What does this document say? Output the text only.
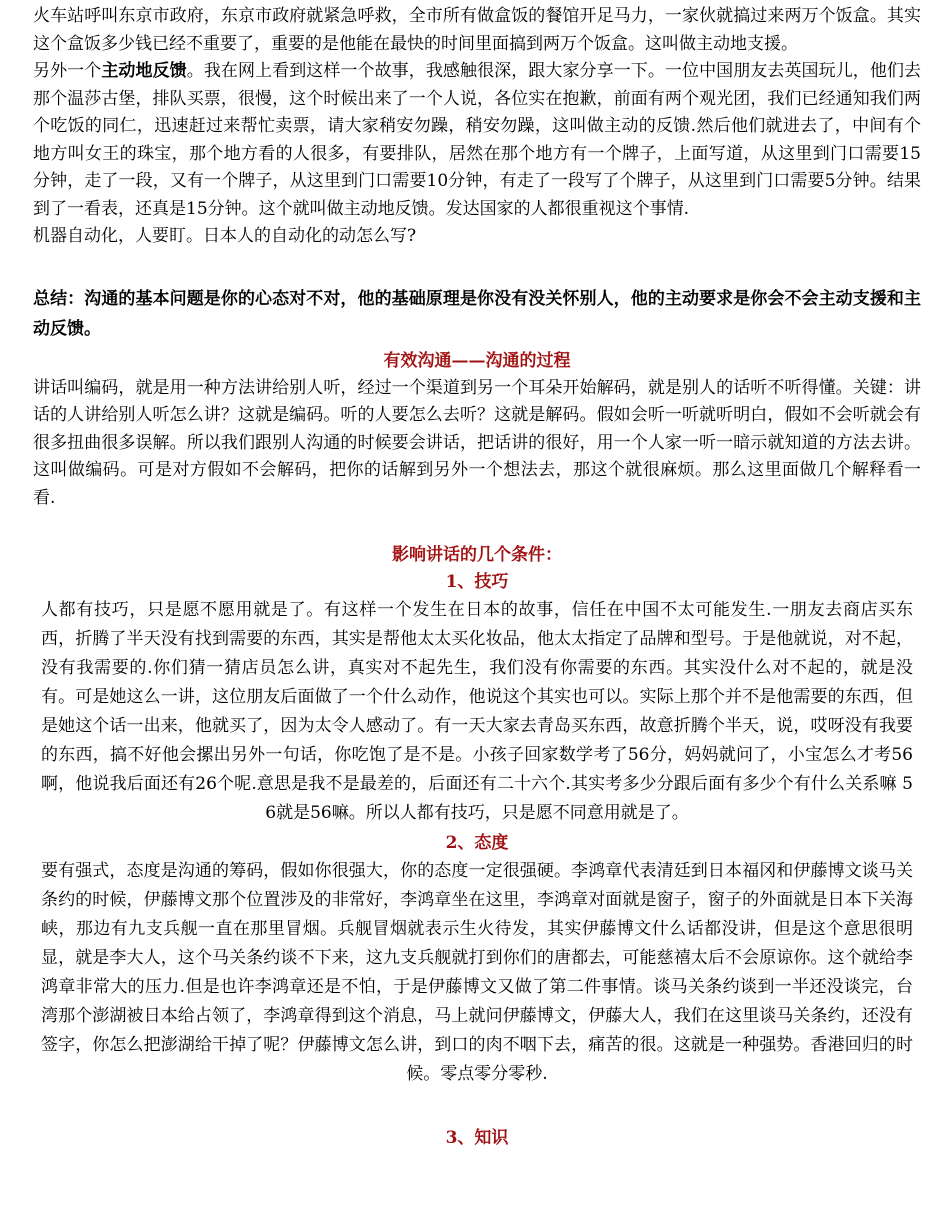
火车站呼叫东京市政府，东京市政府就紧急呼救，全市所有做盒饭的餐馆开足马力，一家伙就搞过来两万个饭盒。其实这个盒饭多少钱已经不重要了，重要的是他能在最快的时间里面搞到两万个饭盒。这叫做主动地支援。

另外一个主动地反馈。我在网上看到这样一个故事，我感触很深，跟大家分享一下。一位中国朋友去英国玩儿，他们去那个温莎古堡，排队买票，很慢，这个时候出来了一个人说，各位实在抱歉，前面有两个观光团，我们已经通知我们两个吃饭的同仁，迅速赶过来帮忙卖票，请大家稍安勿躁，稍安勿躁，这叫做主动的反馈.然后他们就进去了，中间有个地方叫女王的珠宝，那个地方看的人很多，有要排队，居然在那个地方有一个牌子，上面写道，从这里到门口需要15分钟，走了一段，又有一个牌子，从这里到门口需要10分钟，有走了一段写了个牌子，从这里到门口需要5分钟。结果到了一看表，还真是15分钟。这个就叫做主动地反馈。发达国家的人都很重视这个事情.

机器自动化，人要盯。日本人的自动化的动怎么写?

总结：沟通的基本问题是你的心态对不对，他的基础原理是你没有没关怀别人，他的主动要求是你会不会主动支援和主动反馈。

有效沟通——沟通的过程

讲话叫编码，就是用一种方法讲给别人听，经过一个渠道到另一个耳朵开始解码，就是别人的话听不听得懂。关键：讲话的人讲给别人听怎么讲？这就是编码。听的人要怎么去听？这就是解码。假如会听一听就听明白，假如不会听就会有很多扭曲很多误解。所以我们跟别人沟通的时候要会讲话，把话讲的很好，用一个人家一听一暗示就知道的方法去讲。这叫做编码。可是对方假如不会解码，把你的话解到另外一个想法去，那这个就很麻烦。那么这里面做几个解释看一看.

影响讲话的几个条件：

1、技巧

人都有技巧，只是愿不愿用就是了。有这样一个发生在日本的故事，信任在中国不太可能发生.一朋友去商店买东西，折腾了半天没有找到需要的东西，其实是帮他太太买化妆品，他太太指定了品牌和型号。于是他就说，对不起，没有我需要的.你们猜一猜店员怎么讲，真实对不起先生，我们没有你需要的东西。其实没什么对不起的，就是没有。可是她这么一讲，这位朋友后面做了一个什么动作，他说这个其实也可以。实际上那个并不是他需要的东西，但是她这个话一出来，他就买了，因为太令人感动了。有一天大家去青岛买东西，故意折腾个半天，说，哎呀没有我要的东西，搞不好他会摞出另外一句话，你吃饱了是不是。小孩子回家数学考了56分，妈妈就问了，小宝怎么才考56啊，他说我后面还有26个呢.意思是我不是最差的，后面还有二十六个.其实考多少分跟后面有多少个有什么关系嘛 56就是56嘛。所以人都有技巧，只是愿不同意用就是了。

2、态度

要有强式，态度是沟通的筹码，假如你很强大，你的态度一定很强硬。李鸿章代表清廷到日本福冈和伊藤博文谈马关条约的时候，伊藤博文那个位置涉及的非常好，李鸿章坐在这里，李鸿章对面就是窗子，窗子的外面就是日本下关海峡，那边有九支兵舰一直在那里冒烟。兵舰冒烟就表示生火待发，其实伊藤博文什么话都没讲，但是这个意思很明显，就是李大人，这个马关条约谈不下来，这九支兵舰就打到你们的唐都去，可能慈禧太后不会原谅你。这个就给李鸿章非常大的压力.但是也许李鸿章还是不怕，于是伊藤博文又做了第二件事情。谈马关条约谈到一半还没谈完，台湾那个澎湖被日本给占领了，李鸿章得到这个消息，马上就问伊藤博文，伊藤大人，我们在这里谈马关条约，还没有签字，你怎么把澎湖给干掉了呢？伊藤博文怎么讲，到口的肉不咽下去，痛苦的很。这就是一种强势。香港回归的时候。零点零分零秒.

3、知识
